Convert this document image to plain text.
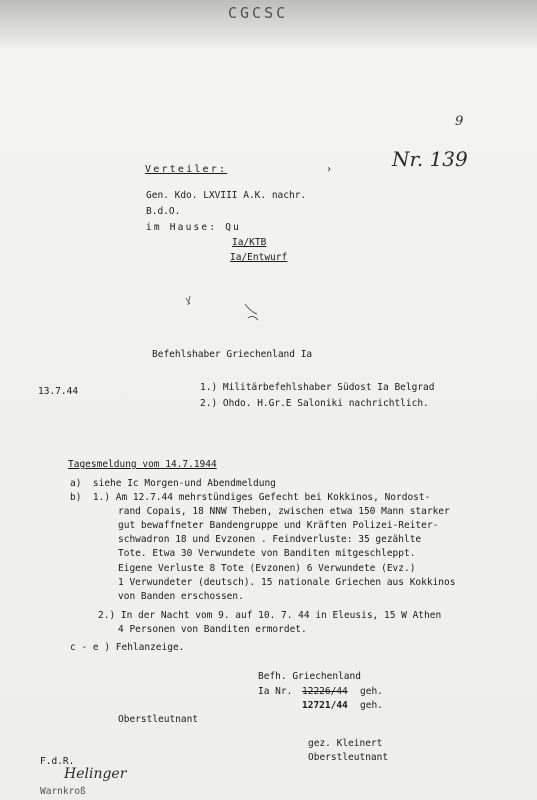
CGCSC
9
Nr. 139
Verteiler:	›
Gen. Kdo. LXVIII A.K. nachr.
B.d.O.
im Hause: Qu
Ia/KTB
Ia/Entwurf
Befehlshaber Griechenland Ia
13.7.44	1.) Militärbefehlshaber Südost Ia Belgrad
2.) Ohdo. H.Gr.E Saloniki nachrichtlich.
Tagesmeldung vom 14.7.1944
a)  siehe Ic Morgen-und Abendmeldung
b)  1.) Am 12.7.44 mehrstündiges Gefecht bei Kokkinos, Nordost-
rand Copais, 18 NNW Theben, zwischen etwa 150 Mann starker
gut bewaffneter Bandengruppe und Kräften Polizei-Reiter-
schwadron 18 und Evzonen . Feindverluste: 35 gezählte
Tote. Etwa 30 Verwundete von Banditen mitgeschleppt.
Eigene Verluste 8 Tote (Evzonen) 6 Verwundete (Evz.)
1 Verwundeter (deutsch). 15 nationale Griechen aus Kokkinos
von Banden erschossen.
2.) In der Nacht vom 9. auf 10. 7. 44 in Eleusis, 15 W Athen
4 Personen von Banditen ermordet.
c - e ) Fehlanzeige.
Befh. Griechenland
Ia Nr. 12226/44 geh.
12721/44 geh.
Oberstleutnant
gez. Kleinert
Oberstleutnant
F.d.R.
Helinger
Warnkroß
